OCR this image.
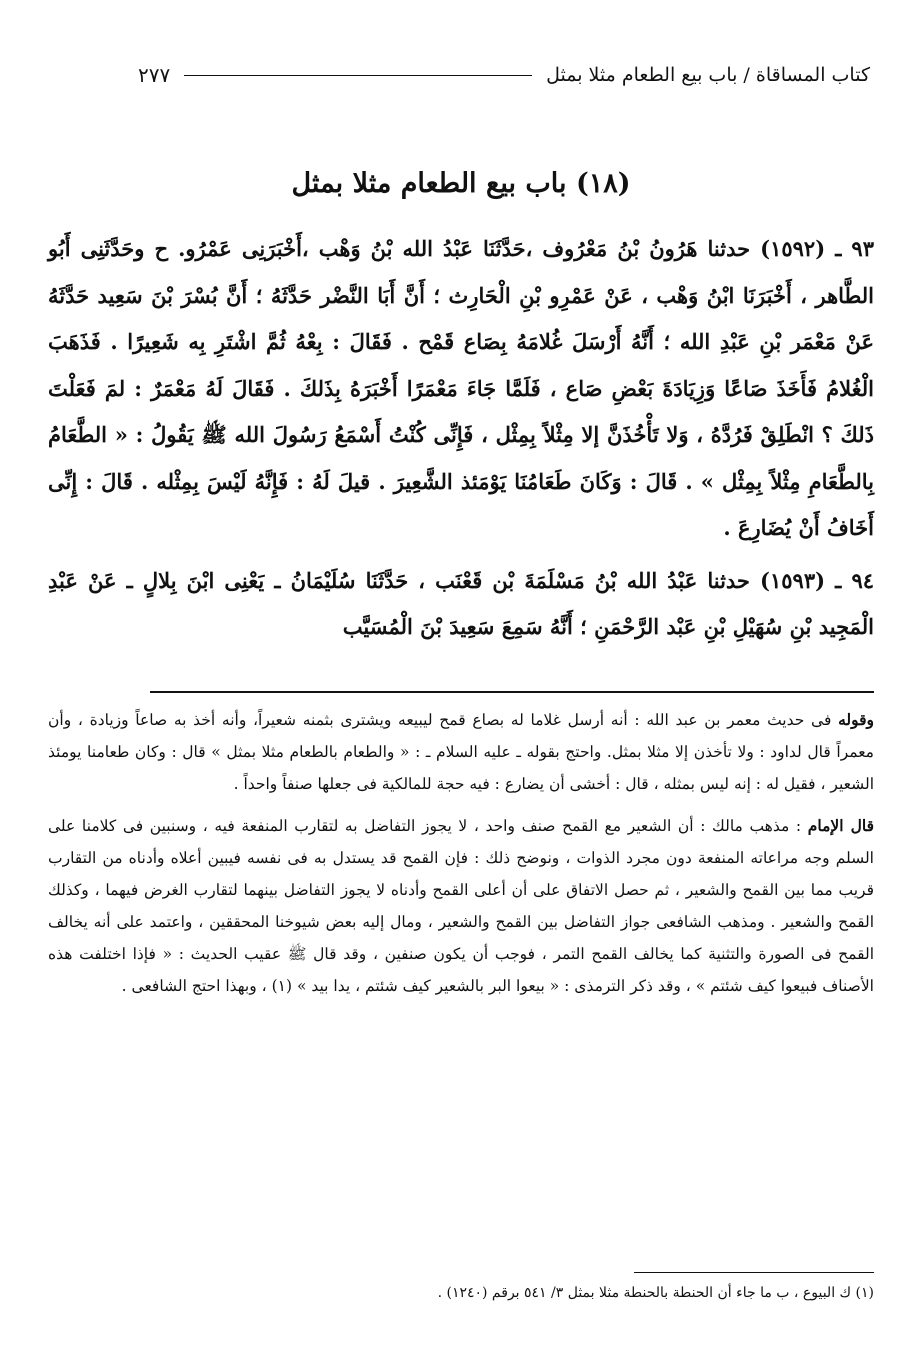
كتاب المساقاة / باب بيع الطعام مثلا بمثل
٢٧٧
(١٨) باب بيع الطعام مثلا بمثل

٩٣ ـ (١٥٩٢) حدثنا هَرُونُ بْنُ مَعْرُوف ،حَدَّثَنَا عَبْدُ الله بْنُ وَهْب ،أَخْبَرَنِى عَمْرُو. ح وحَدَّثَنِى أَبُو الطَّاهر ، أَخْبَرَنَا ابْنُ وَهْب ، عَنْ عَمْرِو بْنِ الْحَارِث ؛ أَنَّ أَبَا النَّضْر حَدَّثَهُ ؛ أَنَّ بُسْرَ بْنَ سَعِيد حَدَّثَهُ عَنْ مَعْمَر بْنِ عَبْدِ الله ؛ أَنَّهُ أَرْسَلَ غُلامَهُ بِصَاع قَمْح . فَقَالَ : بِعْهُ ثُمَّ اشْتَرِ بِه شَعِيرًا . فَذَهَبَ الْغُلامُ فَأَخَذَ صَاعًا وَزِيَادَةَ بَعْضِ صَاع ، فَلَمَّا جَاءَ مَعْمَرًا أَخْبَرَهُ بِذَلكَ . فَقَالَ لَهُ مَعْمَرٌ : لمَ فَعَلْتَ ذَلكَ ؟ انْطَلِقْ فَرُدَّهُ ، وَلا تَأْخُذَنَّ إلا مِثْلاً بِمِثْل ، فَإِنِّى كُنْتُ أَسْمَعُ رَسُولَ الله ﷺ يَقُولُ : « الطَّعَامُ بِالطَّعَامِ مِثْلاً بِمِثْل » . قَالَ : وَكَانَ طَعَامُنَا يَوْمَئذ الشَّعِيرَ . قيلَ لَهُ : فَإِنَّهُ لَيْسَ بِمِثْله . قَالَ : إِنِّى أَخَافُ أَنْ يُضَارِعَ .

٩٤ ـ (١٥٩٣) حدثنا عَبْدُ الله بْنُ مَسْلَمَةَ بْن قَعْنَب ، حَدَّثَنَا سُلَيْمَانُ ـ يَعْنِى ابْنَ بِلالٍ ـ عَنْ عَبْدِ الْمَجِيد بْنِ سُهَيْلِ بْنِ عَبْد الرَّحْمَنِ ؛ أَنَّهُ سَمِعَ سَعِيدَ بْنَ الْمُسَيَّب

وقوله فى حديث معمر بن عبد الله : أنه أرسل غلاما له بصاع قمح ليبيعه ويشترى بثمنه شعيراً، وأنه أخذ به صاعاً وزيادة ، وأن معمراً قال لداود : ولا تأخذن إلا مثلا بمثل. واحتج بقوله ـ عليه السلام ـ : « والطعام بالطعام مثلا بمثل » قال : وكان طعامنا يومئذ الشعير ، فقيل له : إنه ليس بمثله ، قال : أخشى أن يضارع : فيه حجة للمالكية فى جعلها صنفاً واحداً .

قال الإمام : مذهب مالك : أن الشعير مع القمح صنف واحد ، لا يجوز التفاضل به لتقارب المنفعة فيه ، وسنبين فى كلامنا على السلم وجه مراعاته المنفعة دون مجرد الذوات ، ونوضح ذلك : فإن القمح قد يستدل به فى نفسه فيبين أعلاه وأدناه من التقارب قريب مما بين القمح والشعير ، ثم حصل الاتفاق على أن أعلى القمح وأدناه لا يجوز التفاضل بينهما لتقارب الغرض فيهما ، وكذلك القمح والشعير . ومذهب الشافعى جواز التفاضل بين القمح والشعير ، ومال إليه بعض شيوخنا المحققين ، واعتمد على أنه يخالف القمح فى الصورة والتثنية كما يخالف القمح التمر ، فوجب أن يكون صنفين ، وقد قال ﷺ عقيب الحديث : « فإذا اختلفت هذه الأصناف فبيعوا كيف شئتم » ، وقد ذكر الترمذى : « بيعوا البر بالشعير كيف شئتم ، يدا بيد » (١) ، وبهذا احتج الشافعى .

(١) ك البيوع ، ب ما جاء أن الحنطة بالحنطة مثلا بمثل ٣/ ٥٤١ برقم (١٢٤٠) .
